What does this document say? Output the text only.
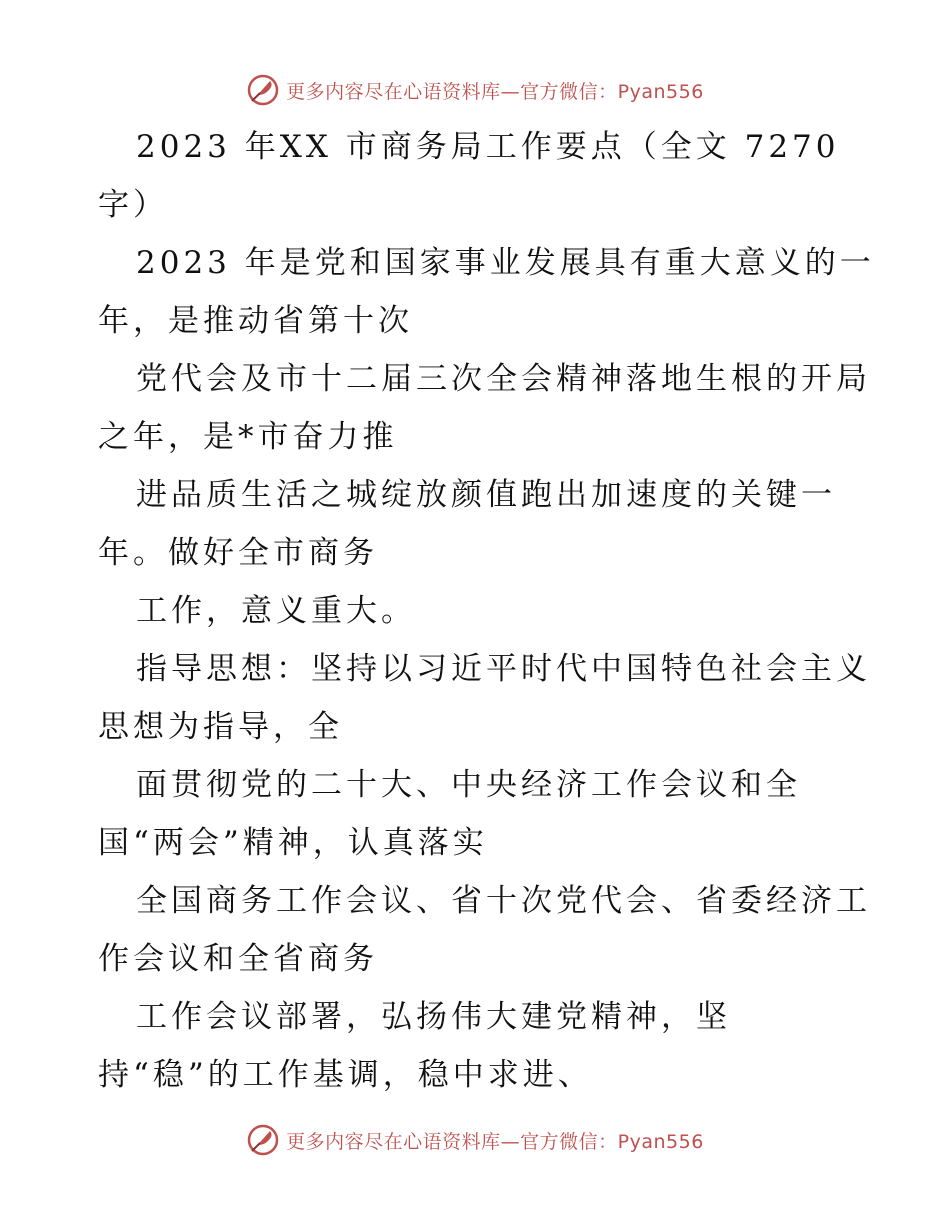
更多内容尽在心语资料库—官方微信：Pyan556
2023 年XX 市商务局工作要点（全文 7270
字）
2023 年是党和国家事业发展具有重大意义的一
年，是推动省第十次
党代会及市十二届三次全会精神落地生根的开局
之年，是*市奋力推
进品质生活之城绽放颜值跑出加速度的关键一
年。做好全市商务
工作，意义重大。
指导思想：坚持以习近平时代中国特色社会主义
思想为指导，全
面贯彻党的二十大、中央经济工作会议和全
国“两会”精神，认真落实
全国商务工作会议、省十次党代会、省委经济工
作会议和全省商务
工作会议部署，弘扬伟大建党精神，坚
持“稳”的工作基调，稳中求进、
更多内容尽在心语资料库—官方微信：Pyan556
